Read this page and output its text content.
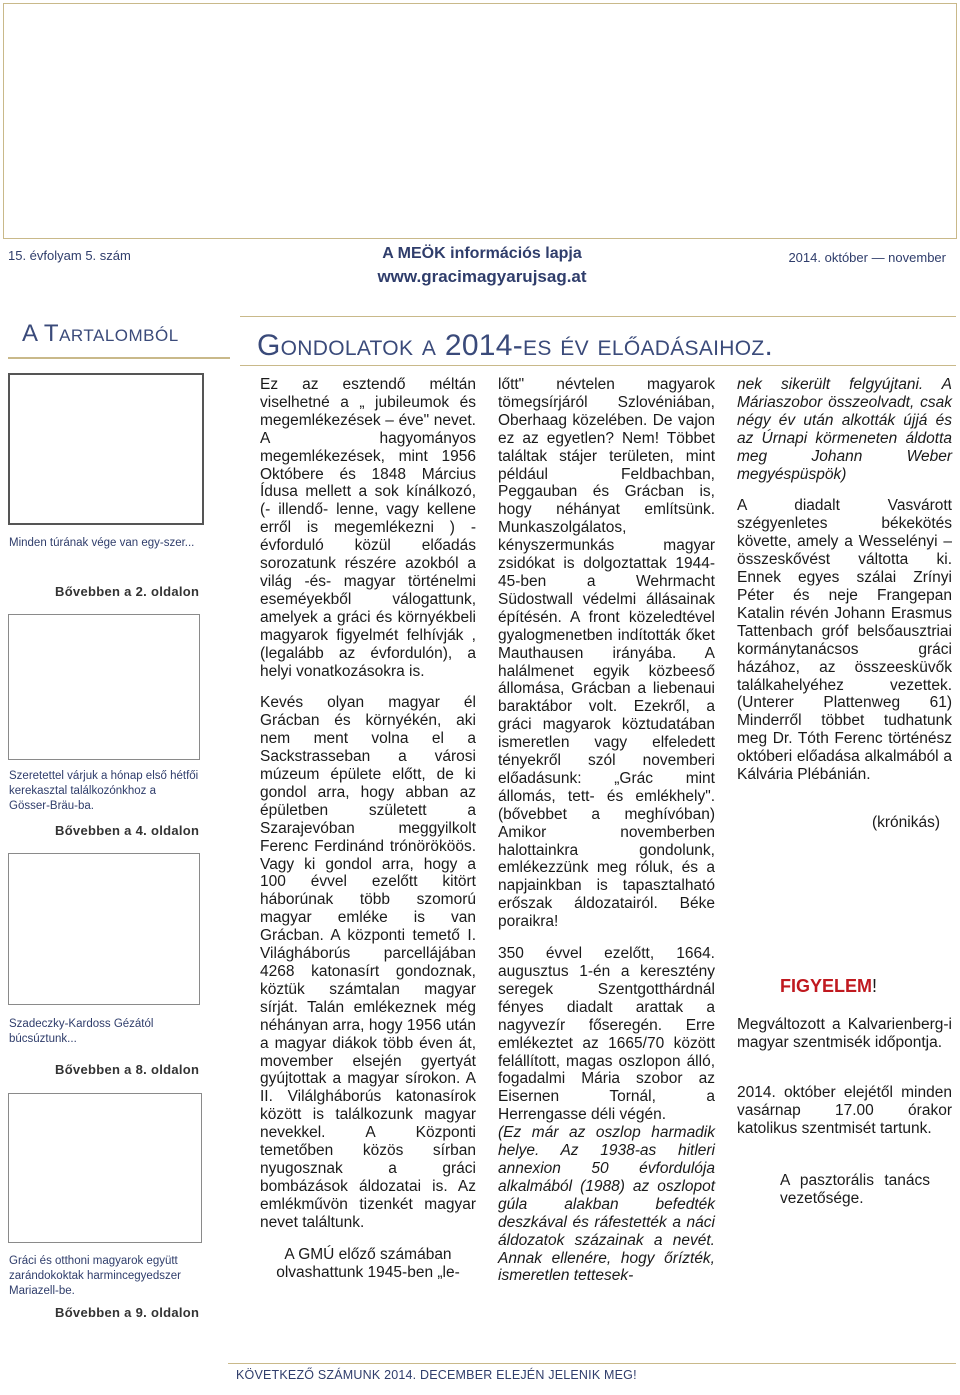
15. évfolyam 5. szám	A MEÖK információs lapja
www.gracimagyarujsag.at
2014. október — november
A Tartalomból
Minden túrának vége van egy-szer...
Bővebben a 2. oldalon
Szeretettel várjuk a hónap első hétfői kerekasztal találkozónkhoz a Gösser-Bräu-ba.
Bővebben a 4. oldalon
Szadeczky-Kardoss Gézától búcsúztunk...
Bővebben a 8. oldalon
Gráci és otthoni magyarok együtt zarándokoktak harmincegyedszer Mariazell-be.
Bővebben a 9. oldalon
Gondolatok a 2014-es év előadásaihoz.

Ez az esztendő méltán viselhetné a „ jubileumok és megemlékezések – éve" nevet. A hagyományos megemlékezések, mint 1956 Októbere és 1848 Március Ídusa mellett a sok kínálkozó, (- illendő- lenne, vagy kellene erről is megemlékezni ) - évforduló közül előadás sorozatunk részére azokból a világ -és- magyar történelmi eseméyekből válogattunk, amelyek a gráci és környékbeli magyarok figyelmét felhívják ,(legalább az évfordulón), a helyi vonatkozásokra is.

Kevés olyan magyar él Grácban és környékén, aki nem ment volna el a Sackstrasseban a városi múzeum épülete előtt, de ki gondol arra, hogy abban az épületben született a Szarajevóban meggyilkolt Ferenc Ferdinánd trónörököös. Vagy ki gondol arra, hogy a 100 évvel ezelőtt kitört háborúnak több szomorú magyar emléke is van Grácban. A központi temető I. Világháborús parcellájában 4268 katonasírt gondoznak, köztük számtalan magyar sírját. Talán emlékeznek még néhányan arra, hogy 1956 után a magyar diákok több éven át, movember elsején gyertyát gyújtottak a magyar sírokon. A II. Vilálgháborús katonasírok között is találkozunk magyar nevekkel. A Központi temetőben közös sírban nyugosznak a gráci bombázások áldozatai is. Az emlékművön tizenkét magyar nevet találtunk.

A GMÚ előző számában olvashattunk 1945-ben „le-

lőtt" névtelen magyarok tömegsírjáról Szlovéniában, Oberhaag közelében. De vajon ez az egyetlen? Nem! Többet találtak stájer területen, mint például Feldbachban, Peggauban és Grácban is, hogy néhányat említsünk. Munkaszolgálatos, kényszermunkás magyar zsidókat is dolgoztattak 1944-45-ben a Wehrmacht Südostwall védelmi állásainak építésén. A front közeledtével gyalogmenetben indították őket Mauthausen irányába. A halálmenet egyik közbeeső állomása, Grácban a liebenaui baraktábor volt. Ezekről, a gráci magyarok köztudatában ismeretlen vagy elfeledett tényekről szól novemberi előadásunk: „Grác mint állomás, tett- és emlékhely". (bővebbet a meghívóban) Amikor novemberben halottainkra gondolunk, emlékezzünk meg róluk, és a napjainkban is tapasztalható erőszak áldozatairól. Béke poraikra!

350 évvel ezelőtt, 1664. augusztus 1-én a keresztény seregek Szentgotthárdnál fényes diadalt arattak a nagyvezír főseregén. Erre emlékeztet az 1665/70 között felállított, magas oszlopon álló, fogadalmi Mária szobor az Eisernen Tornál, a Herrengasse déli végén.

(Ez már az oszlop harmadik helye. Az 1938-as hitleri annexion 50 évfordulója alkalmából (1988) az oszlopot gúla alakban befedték deszkával és ráfestették a náci áldozatok százainak a nevét. Annak ellenére, hogy őrízték, ismeretlen tettesek-

nek sikerült felgyújtani. A Máriaszobor összeolvadt, csak négy év után alkották újjá és az Úrnapi körmeneten áldotta meg Johann Weber megyéspüspök)

A diadalt Vasvárott szégyenletes békekötés követte, amely a Wesselényi – összeskővést váltotta ki. Ennek egyes szálai Zrínyi Péter és neje Frangepan Katalin révén Johann Erasmus Tattenbach gróf belsőausztriai kormánytanácsos gráci házához, az összeesküvők találkahelyéhez vezettek. (Unterer Plattenweg 61) Minderről többet tudhatunk meg Dr. Tóth Ferenc történész októberi előadása alkalmából a Kálvária Plébánián.

(krónikás)

FIGYELEM!
Megváltozott a Kalvarienberg-i magyar szentmisék időpontja.
2014. október elejétől minden vasárnap 17.00 órakor katolikus szentmisét tartunk.
A pasztorális tanács vezetősége.
KÖVETKEZŐ SZÁMUNK 2014. DECEMBER ELEJÉN JELENIK MEG!
